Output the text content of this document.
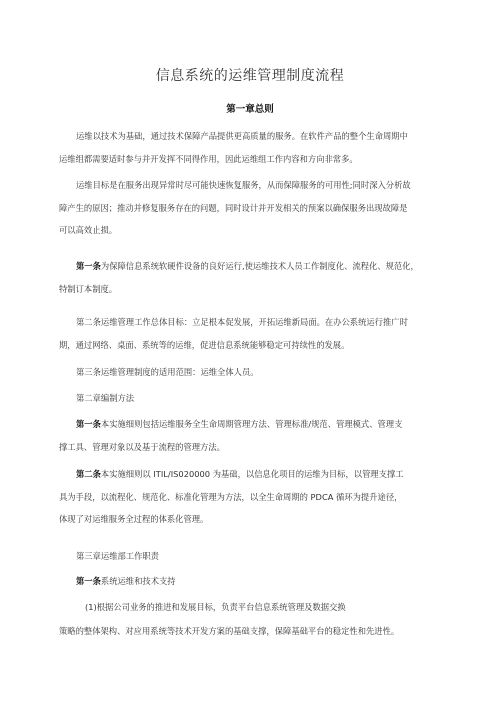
信息系统的运维管理制度流程
第一章总则
运维以技术为基础，通过技术保障产品提供更高质量的服务。在软件产品的整个生命周期中
运维组都需要适时参与并开发挥不同得作用，因此运维组工作内容和方向非常多。
运维目标是在服务出现异常时尽可能快速恢复服务，从而保障服务的可用性;同时深入分析故
障产生的原因；推动并修复服务存在的问题，同时设计并开发相关的预案以确保服务出现故障是
可以高效止损。
第一条为保障信息系统软硬件设备的良好运行,使运维技术人员工作制度化、流程化、规范化，
特制订本制度。
第二条运维管理工作总体目标：立足根本促发展，开拓运维新局面。在办公系统运行推广时
期，通过网络、桌面、系统等的运维，促进信息系统能够稳定可持续性的发展。
第三条运维管理制度的适用范围：运维全体人员。
第二章编制方法
第一条本实施细则包括运维服务全生命周期管理方法、管理标准/规范、管理模式、管理支
撑工具、管理对象以及基于流程的管理方法。
第二条本实施细则以 ITIL/IS020000 为基础，以信息化项目的运维为目标，以管理支撑工
具为手段，以流程化、规范化、标准化管理为方法，以全生命周期的 PDCA 循环为提升途径，
体现了对运维服务全过程的体系化管理。
第三章运维部工作职责
第一条系统运维和技术支持
(1)根据公司业务的推进和发展目标，负责平台信息系统管理及数据交换
策略的整体架构、对应用系统等技术开发方案的基础支撑，保障基础平台的稳定性和先进性。
